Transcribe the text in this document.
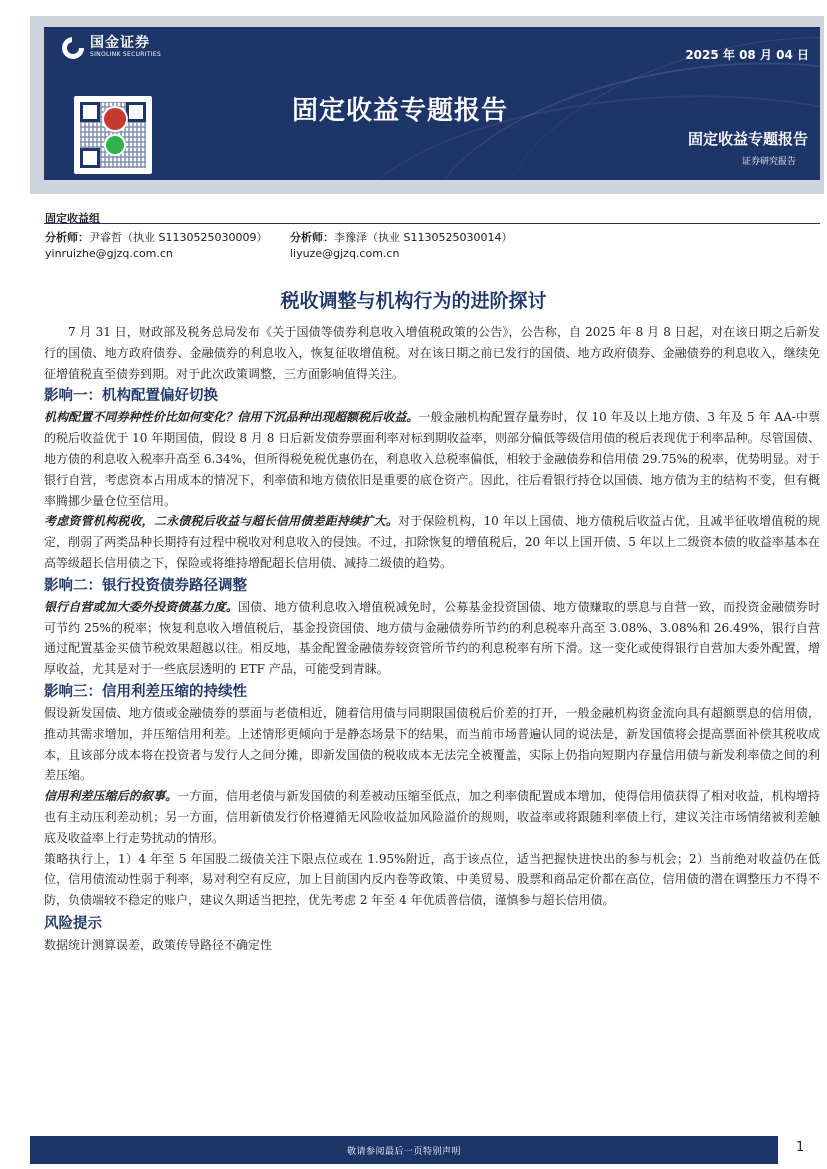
国金证券
SINOLINK SECURITIES	2025 年 08 月 04 日
固定收益专题报告
固定收益专题报告
证券研究报告
固定收益组
分析师：尹睿哲（执业 S1130525030009） 分析师：李豫泽（执业 S1130525030014）
yinruizhe@gjzq.com.cn	liyuze@gjzq.com.cn
税收调整与机构行为的进阶探讨

7 月 31 日，财政部及税务总局发布《关于国债等债券利息收入增值税政策的公告》，公告称，自 2025 年 8 月 8 日起，对在该日期之后新发行的国债、地方政府债券、金融债券的利息收入，恢复征收增值税。对在该日期之前已发行的国债、地方政府债券、金融债券的利息收入，继续免征增值税直至债券到期。对于此次政策调整，三方面影响值得关注。

影响一：机构配置偏好切换

机构配置不同券种性价比如何变化？信用下沉品种出现超额税后收益。一般金融机构配置存量券时，仅 10 年及以上地方债、3 年及 5 年 AA-中票的税后收益优于 10 年期国债，假设 8 月 8 日后新发债券票面利率对标到期收益率，则部分偏低等级信用债的税后表现优于利率品种。尽管国债、地方债的利息收入税率升高至 6.34%，但所得税免税优惠仍在，利息收入总税率偏低，相较于金融债券和信用债 29.75%的税率，优势明显。对于银行自营，考虑资本占用成本的情况下，利率债和地方债依旧是重要的底仓资产。因此，往后看银行持仓以国债、地方债为主的结构不变，但有概率腾挪少量仓位至信用。

考虑资管机构税收，二永债税后收益与超长信用债差距持续扩大。对于保险机构，10 年以上国债、地方债税后收益占优，且减半征收增值税的规定，削弱了两类品种长期持有过程中税收对利息收入的侵蚀。不过，扣除恢复的增值税后，20 年以上国开债、5 年以上二级资本债的收益率基本在高等级超长信用债之下，保险或将维持增配超长信用债、减持二级债的趋势。

影响二：银行投资债券路径调整

银行自营或加大委外投资债基力度。国债、地方债利息收入增值税减免时，公募基金投资国债、地方债赚取的票息与自营一致，而投资金融债券时可节约 25%的税率；恢复利息收入增值税后，基金投资国债、地方债与金融债券所节约的利息税率升高至 3.08%、3.08%和 26.49%，银行自营通过配置基金买债节税效果超越以往。相反地，基金配置金融债券较资管所节约的利息税率有所下滑。这一变化或使得银行自营加大委外配置，增厚收益，尤其是对于一些底层透明的 ETF 产品，可能受到青睐。

影响三：信用利差压缩的持续性

假设新发国债、地方债或金融债券的票面与老债相近，随着信用债与同期限国债税后价差的打开，一般金融机构资金流向具有超额票息的信用债，推动其需求增加，并压缩信用利差。上述情形更倾向于是静态场景下的结果，而当前市场普遍认同的说法是，新发国债将会提高票面补偿其税收成本，且该部分成本将在投资者与发行人之间分摊，即新发国债的税收成本无法完全被覆盖，实际上仍指向短期内存量信用债与新发利率债之间的利差压缩。

信用利差压缩后的叙事。一方面，信用老债与新发国债的利差被动压缩至低点，加之利率债配置成本增加，使得信用债获得了相对收益，机构增持也有主动压利差动机；另一方面，信用新债发行价格遵循无风险收益加风险溢价的规则，收益率或将跟随利率债上行，建议关注市场情绪被利差触底及收益率上行走势扰动的情形。

策略执行上，1）4 年至 5 年国股二级债关注下限点位或在 1.95%附近，高于该点位，适当把握快进快出的参与机会；2）当前绝对收益仍在低位，信用债流动性弱于利率，易对利空有反应，加上目前国内反内卷等政策、中美贸易、股票和商品定价都在高位，信用债的潜在调整压力不得不防，负债端较不稳定的账户，建议久期适当把控，优先考虑 2 年至 4 年优质普信债，谨慎参与超长信用债。

风险提示
数据统计测算误差，政策传导路径不确定性
敬请参阅最后一页特别声明	1
